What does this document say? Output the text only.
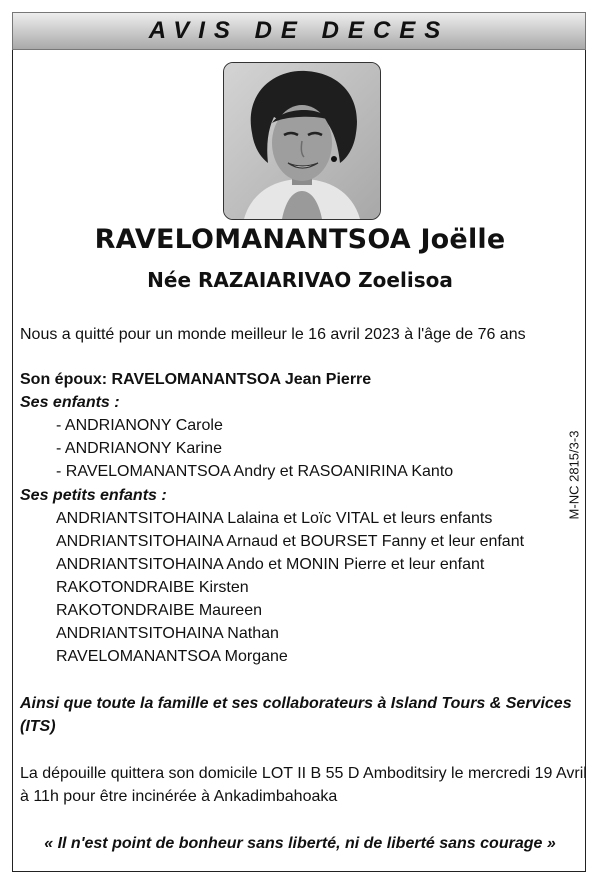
AVIS DE DECES
RAVELOMANANTSOA Joëlle
Née RAZAIARIVAO Zoelisoa
Nous a quitté pour un monde meilleur le 16 avril 2023 à l'âge de 76 ans
Son époux: RAVELOMANANTSOA Jean Pierre
Ses enfants :
- ANDRIANONY Carole
- ANDRIANONY Karine
- RAVELOMANANTSOA Andry et RASOANIRINA Kanto
Ses petits enfants :
ANDRIANTSITOHAINA Lalaina et Loïc VITAL et leurs enfants
ANDRIANTSITOHAINA Arnaud et BOURSET Fanny et leur enfant
ANDRIANTSITOHAINA Ando et MONIN Pierre et leur enfant
RAKOTONDRAIBE Kirsten
RAKOTONDRAIBE Maureen
ANDRIANTSITOHAINA Nathan
RAVELOMANANTSOA Morgane
Ainsi que toute la famille et ses collaborateurs à Island Tours & Services
(ITS)
La dépouille quittera son domicile LOT II B 55 D Amboditsiry le mercredi 19 Avril
à 11h pour être incinérée à Ankadimbahoaka
« Il n'est point de bonheur sans liberté, ni de liberté sans courage »
M-NC 2815/3-3
